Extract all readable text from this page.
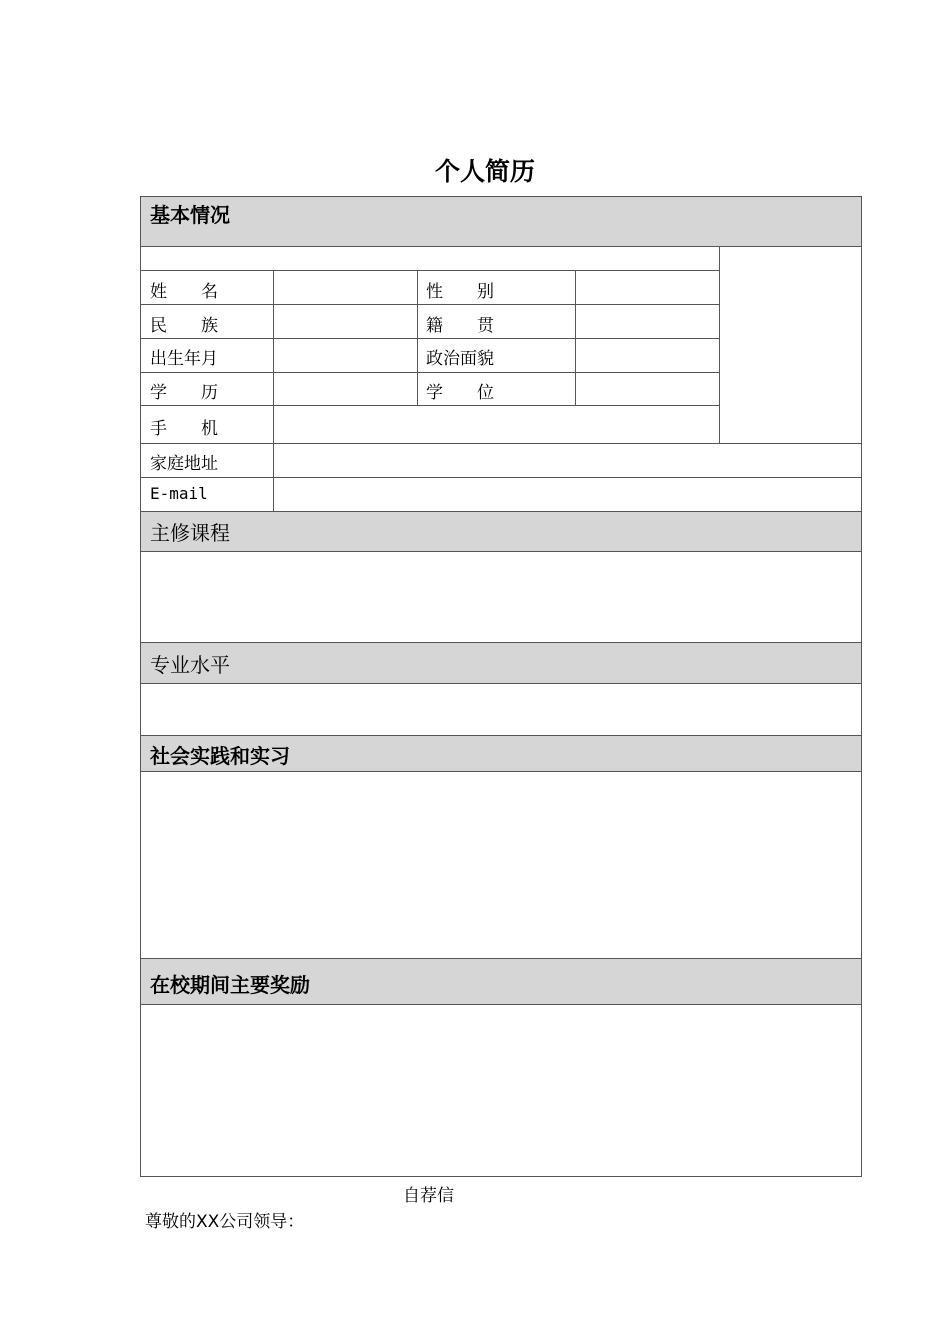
个人简历
基本情况
主修课程
专业水平
社会实践和实习
在校期间主要奖励
姓　　名	性　　别
民　　族	籍　　贯
出生年月	政治面貌
学　　历	学　　位
手　　机
家庭地址
E-mail
自荐信
尊敬的XX公司领导：
